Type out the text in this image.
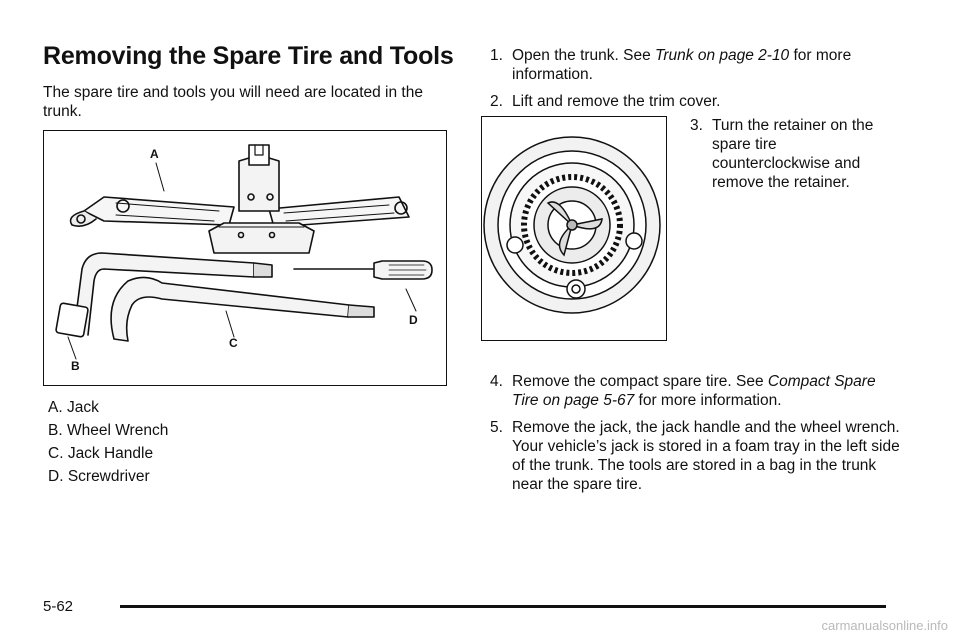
Removing the Spare Tire and Tools

The spare tire and tools you will need are located in the trunk.

A
B
C
D
A. Jack
B. Wheel Wrench
C. Jack Handle
D. Screwdriver
1. Open the trunk. See Trunk on page 2-10 for more information.
2. Lift and remove the trim cover.
3. Turn the retainer on the spare tire counterclockwise and remove the retainer.
4. Remove the compact spare tire. See Compact Spare Tire on page 5-67 for more information.
5. Remove the jack, the jack handle and the wheel wrench. Your vehicle’s jack is stored in a foam tray in the left side of the trunk. The tools are stored in a bag in the trunk near the spare tire.
5-62
carmanualsonline.info
